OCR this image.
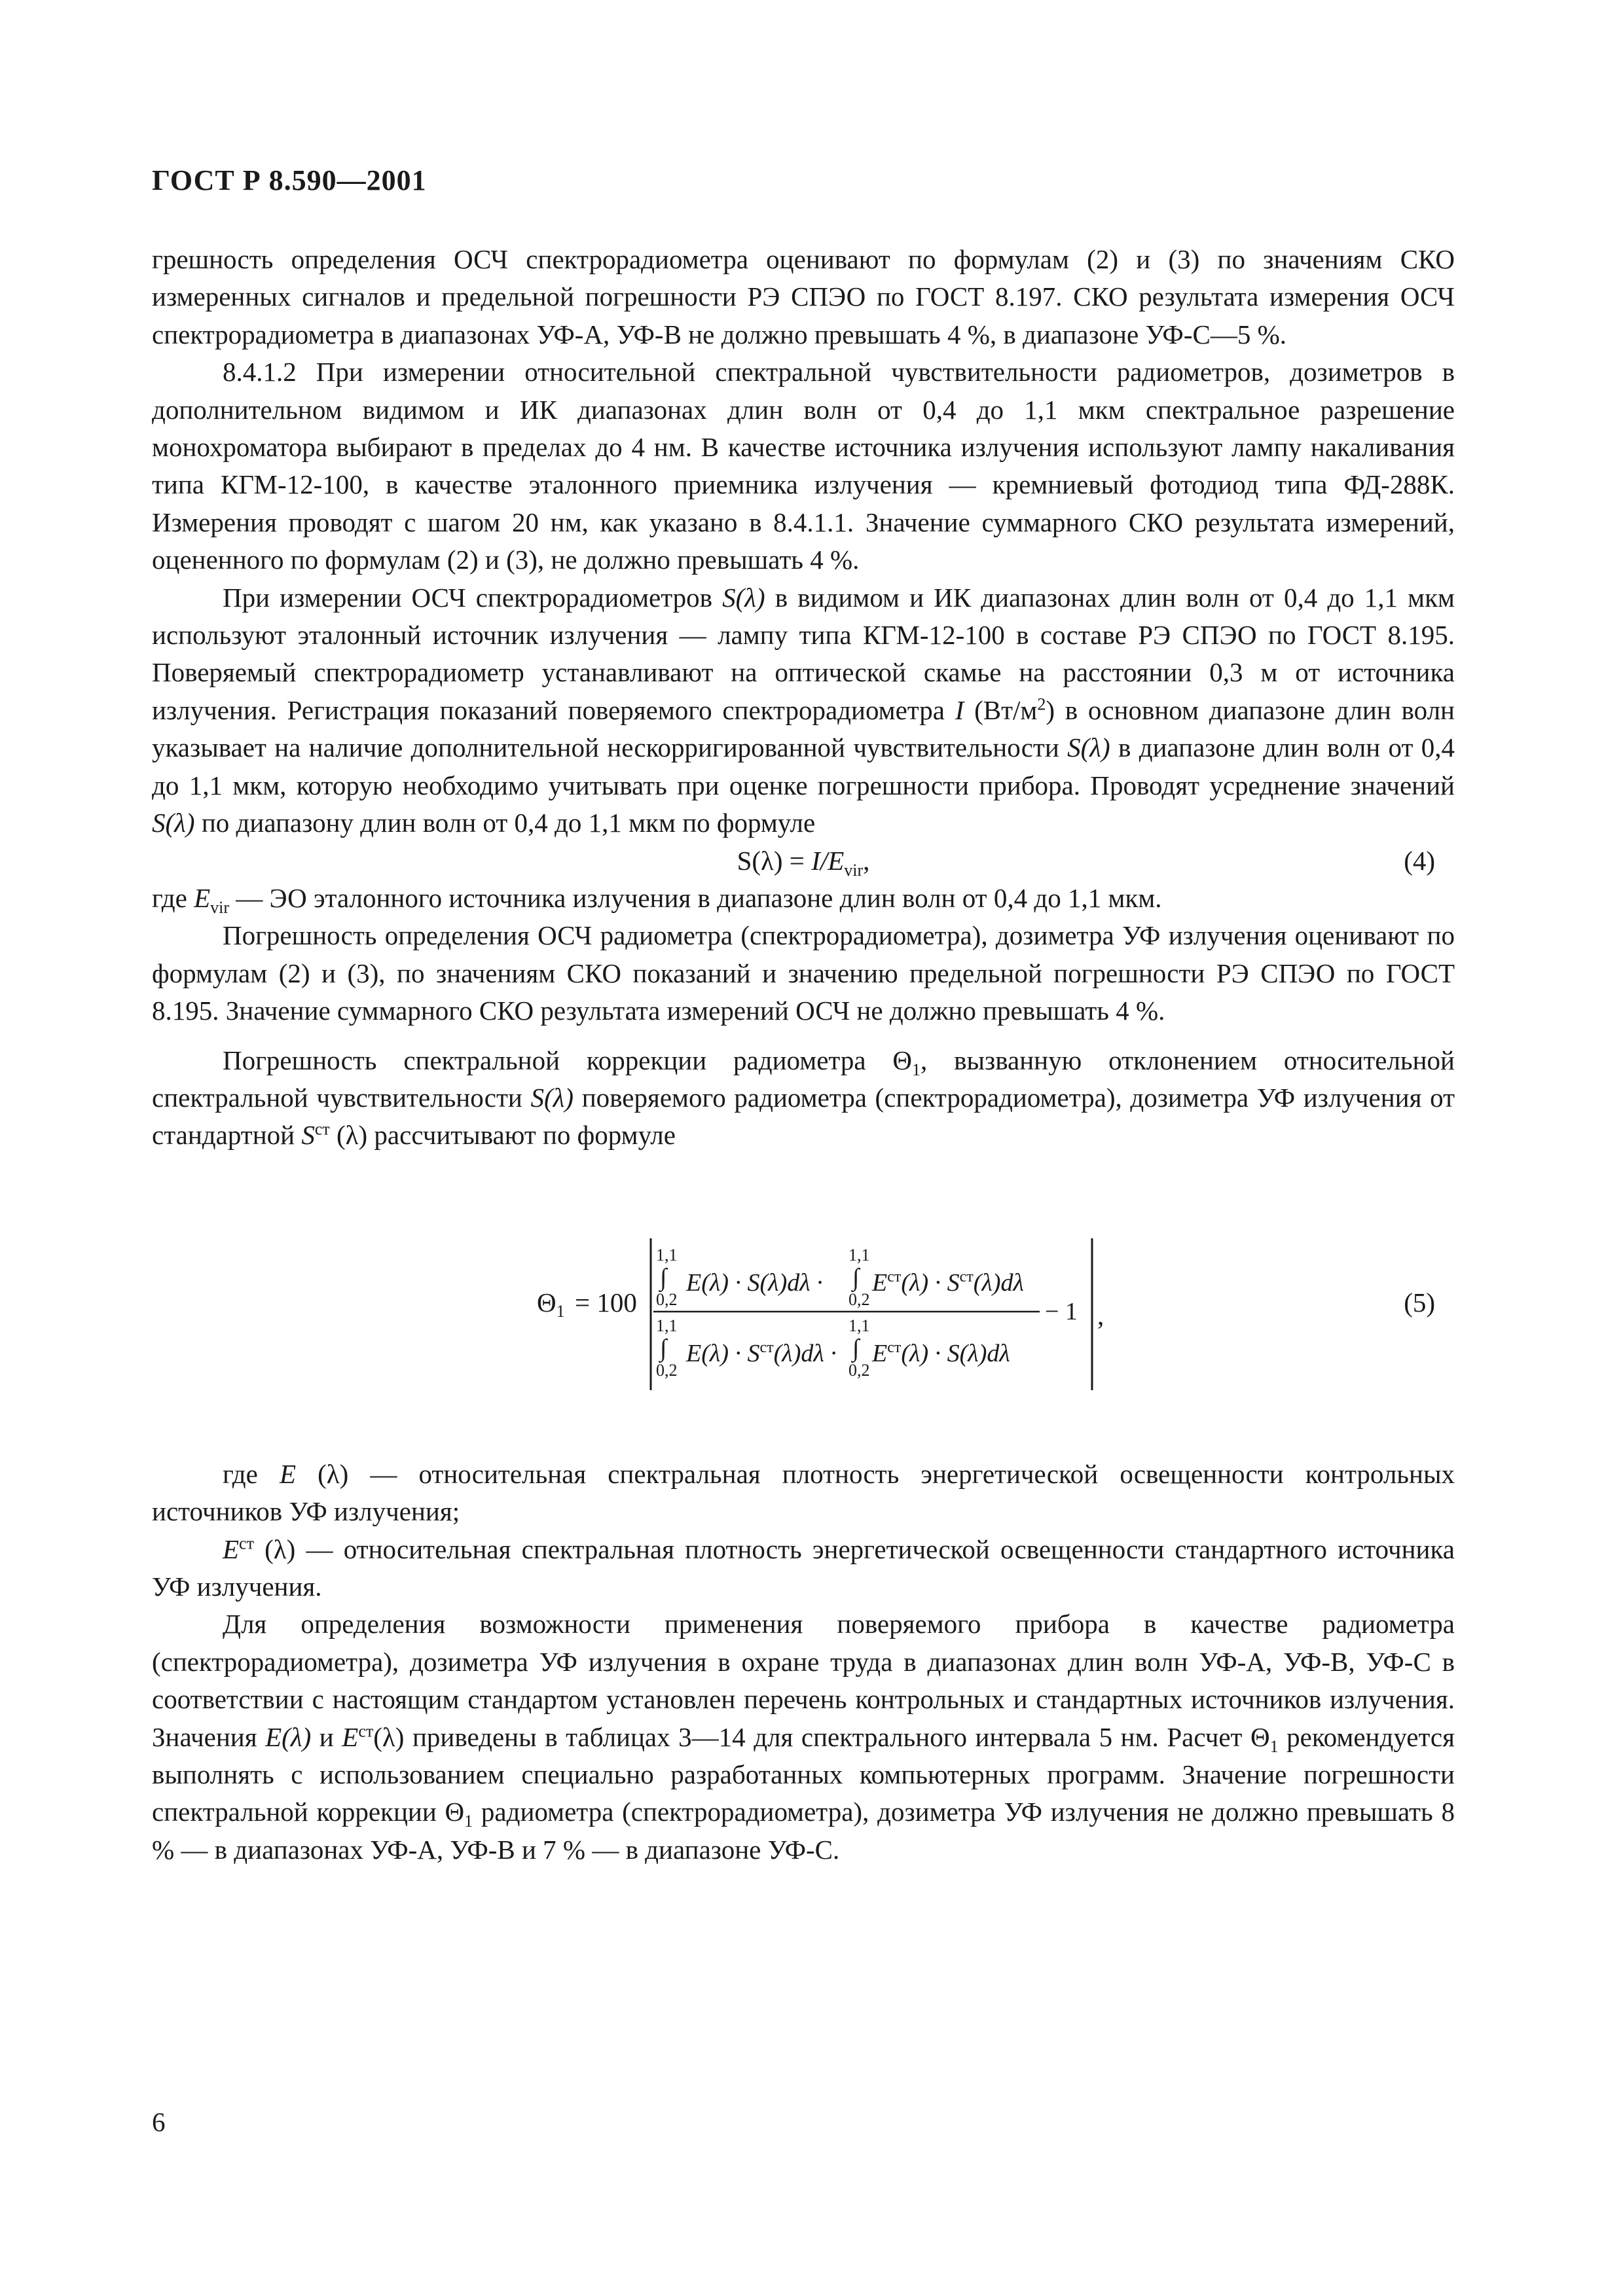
ГОСТ Р 8.590—2001

грешность определения ОСЧ спектрорадиометра оценивают по формулам (2) и (3) по значениям СКО измеренных сигналов и предельной погрешности РЭ СПЭО по ГОСТ 8.197. СКО результата измерения ОСЧ спектрорадиометра в диапазонах УФ-А, УФ-В не должно превышать 4 %, в диапазоне УФ-С—5 %.

8.4.1.2 При измерении относительной спектральной чувствительности радиометров, дозиметров в дополнительном видимом и ИК диапазонах длин волн от 0,4 до 1,1 мкм спектральное разрешение монохроматора выбирают в пределах до 4 нм. В качестве источника излучения используют лампу накаливания типа КГМ-12-100, в качестве эталонного приемника излучения — кремниевый фотодиод типа ФД-288К. Измерения проводят с шагом 20 нм, как указано в 8.4.1.1. Значение суммарного СКО результата измерений, оцененного по формулам (2) и (3), не должно превышать 4 %.

При измерении ОСЧ спектрорадиометров S(λ) в видимом и ИК диапазонах длин волн от 0,4 до 1,1 мкм используют эталонный источник излучения — лампу типа КГМ-12-100 в составе РЭ СПЭО по ГОСТ 8.195. Поверяемый спектрорадиометр устанавливают на оптической скамье на расстоянии 0,3 м от источника излучения. Регистрация показаний поверяемого спектрорадиометра I $(Вт/м^2)$ в основном диапазоне длин волн указывает на наличие дополнительной нескорригированной чувствительности S(λ) в диапазоне длин волн от 0,4 до 1,1 мкм, которую необходимо учитывать при оценке погрешности прибора. Проводят усреднение значений S(λ) по диапазону длин волн от 0,4 до 1,1 мкм по формуле

$S(\lambda) = I/E_{vir}$,	(4)

где $E_{vir}$ — ЭО эталонного источника излучения в диапазоне длин волн от 0,4 до 1,1 мкм.

Погрешность определения ОСЧ радиометра (спектрорадиометра), дозиметра УФ излучения оценивают по формулам (2) и (3), по значениям СКО показаний и значению предельной погрешности РЭ СПЭО по ГОСТ 8.195. Значение суммарного СКО результата измерений ОСЧ не должно превышать 4 %.

Погрешность спектральной коррекции радиометра $\Theta_1$, вызванную отклонением относительной спектральной чувствительности S(λ) поверяемого радиометра (спектрорадиометра), дозиметра УФ излучения от стандартной $S^{ст}$ (λ) рассчитывают по формуле

Θ1 = 100
1,1
∫
0,2
E(λ) · S(λ)dλ ·
1,1
∫
0,2
$E^{ст}(\lambda) \cdot S^{ст}(\lambda)d\lambda$
− 1
1,1
∫
0,2
$E(\lambda) \cdot S^{ст}(\lambda)d\lambda$ ·
1,1
∫
0,2
$E^{ст}(\lambda) \cdot S(\lambda)d\lambda$
,	(5)

где E (λ) — относительная спектральная плотность энергетической освещенности контрольных источников УФ излучения;

$E^{ст}$ (λ) — относительная спектральная плотность энергетической освещенности стандартного источника УФ излучения.

Для определения возможности применения поверяемого прибора в качестве радиометра (спектрорадиометра), дозиметра УФ излучения в охране труда в диапазонах длин волн УФ-А, УФ-В, УФ-С в соответствии с настоящим стандартом установлен перечень контрольных и стандартных источников излучения. Значения E(λ) и $E^{ст}(\lambda)$ приведены в таблицах 3—14 для спектрального интервала 5 нм. Расчет $\Theta_1$ рекомендуется выполнять с использованием специально разработанных компьютерных программ. Значение погрешности спектральной коррекции $\Theta_1$ радиометра (спектрорадиометра), дозиметра УФ излучения не должно превышать 8 % — в диапазонах УФ-А, УФ-В и 7 % — в диапазоне УФ-С.

6
